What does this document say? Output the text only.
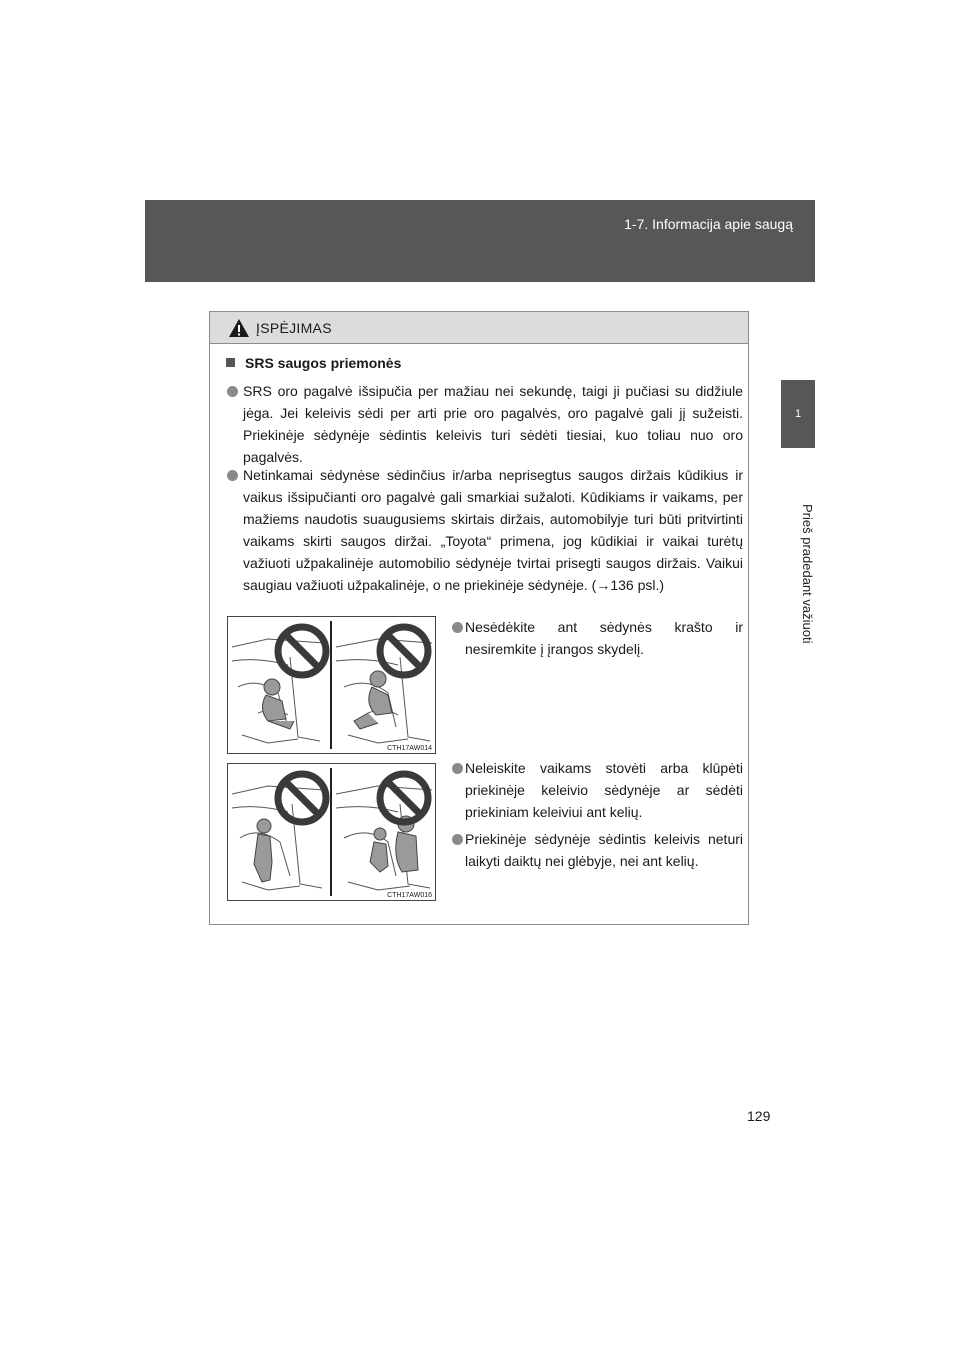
1-7. Informacija apie saugą
1
Prieš pradedant važiuoti
ĮSPĖJIMAS
SRS saugos priemonės
SRS oro pagalvė išsipučia per mažiau nei sekundę, taigi ji pučiasi su didžiule jėga. Jei keleivis sėdi per arti prie oro pagalvės, oro pagalvė gali jį sužeisti. Priekinėje sėdynėje sėdintis keleivis turi sėdėti tiesiai, kuo toliau nuo oro pagalvės.
Netinkamai sėdynėse sėdinčius ir/arba neprisegtus saugos diržais kūdikius ir vaikus išsipučianti oro pagalvė gali smarkiai sužaloti. Kūdikiams ir vaikams, per mažiems naudotis suaugusiems skirtais diržais, automobilyje turi būti pritvirtinti vaikams skirti saugos diržai. „Toyota“ primena, jog kūdikiai ir vaikai turėtų važiuoti užpakalinėje automobilio sėdynėje tvirtai prisegti saugos diržais. Vaikui saugiau važiuoti užpakalinėje, o ne priekinėje sėdynėje. (→136 psl.)
CTH17AW014
Nesėdėkite ant sėdynės krašto ir nesiremkite į įrangos skydelį.
CTH17AW016
Neleiskite vaikams stovėti arba klūpėti priekinėje keleivio sėdynėje ar sėdėti priekiniam keleiviui ant kelių.
Priekinėje sėdynėje sėdintis keleivis neturi laikyti daiktų nei glėbyje, nei ant kelių.
129
